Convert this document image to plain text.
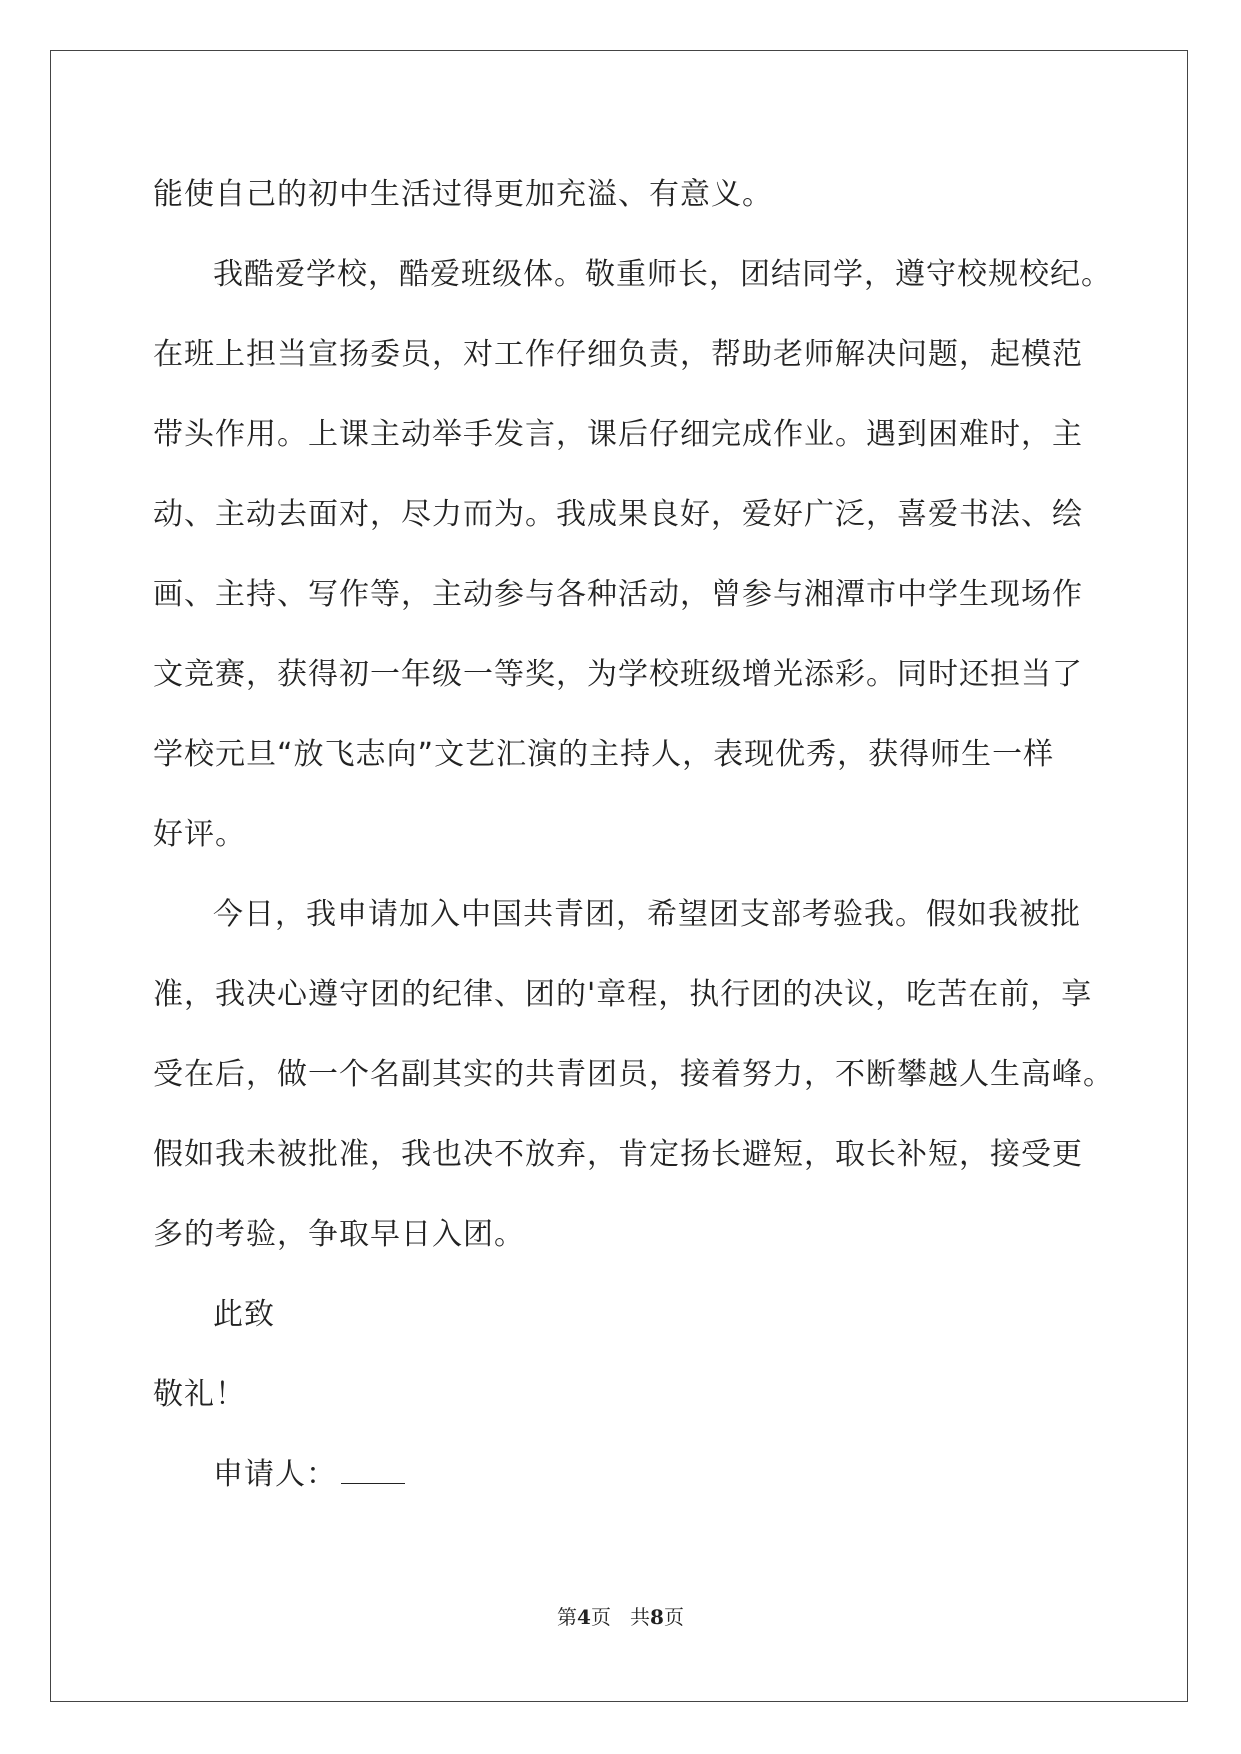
能使自己的初中生活过得更加充溢、有意义。
我酷爱学校，酷爱班级体。敬重师长，团结同学，遵守校规校纪。
在班上担当宣扬委员，对工作仔细负责，帮助老师解决问题，起模范
带头作用。上课主动举手发言，课后仔细完成作业。遇到困难时，主
动、主动去面对，尽力而为。我成果良好，爱好广泛，喜爱书法、绘
画、主持、写作等，主动参与各种活动，曾参与湘潭市中学生现场作
文竞赛，获得初一年级一等奖，为学校班级增光添彩。同时还担当了
学校元旦“放飞志向”文艺汇演的主持人，表现优秀，获得师生一样
好评。
今日，我申请加入中国共青团，希望团支部考验我。假如我被批
准，我决心遵守团的纪律、团的'章程，执行团的决议，吃苦在前，享
受在后，做一个名副其实的共青团员，接着努力，不断攀越人生高峰。
假如我未被批准，我也决不放弃，肯定扬长避短，取长补短，接受更
多的考验，争取早日入团。
此致
敬礼！
申请人：
第4页 共8页
